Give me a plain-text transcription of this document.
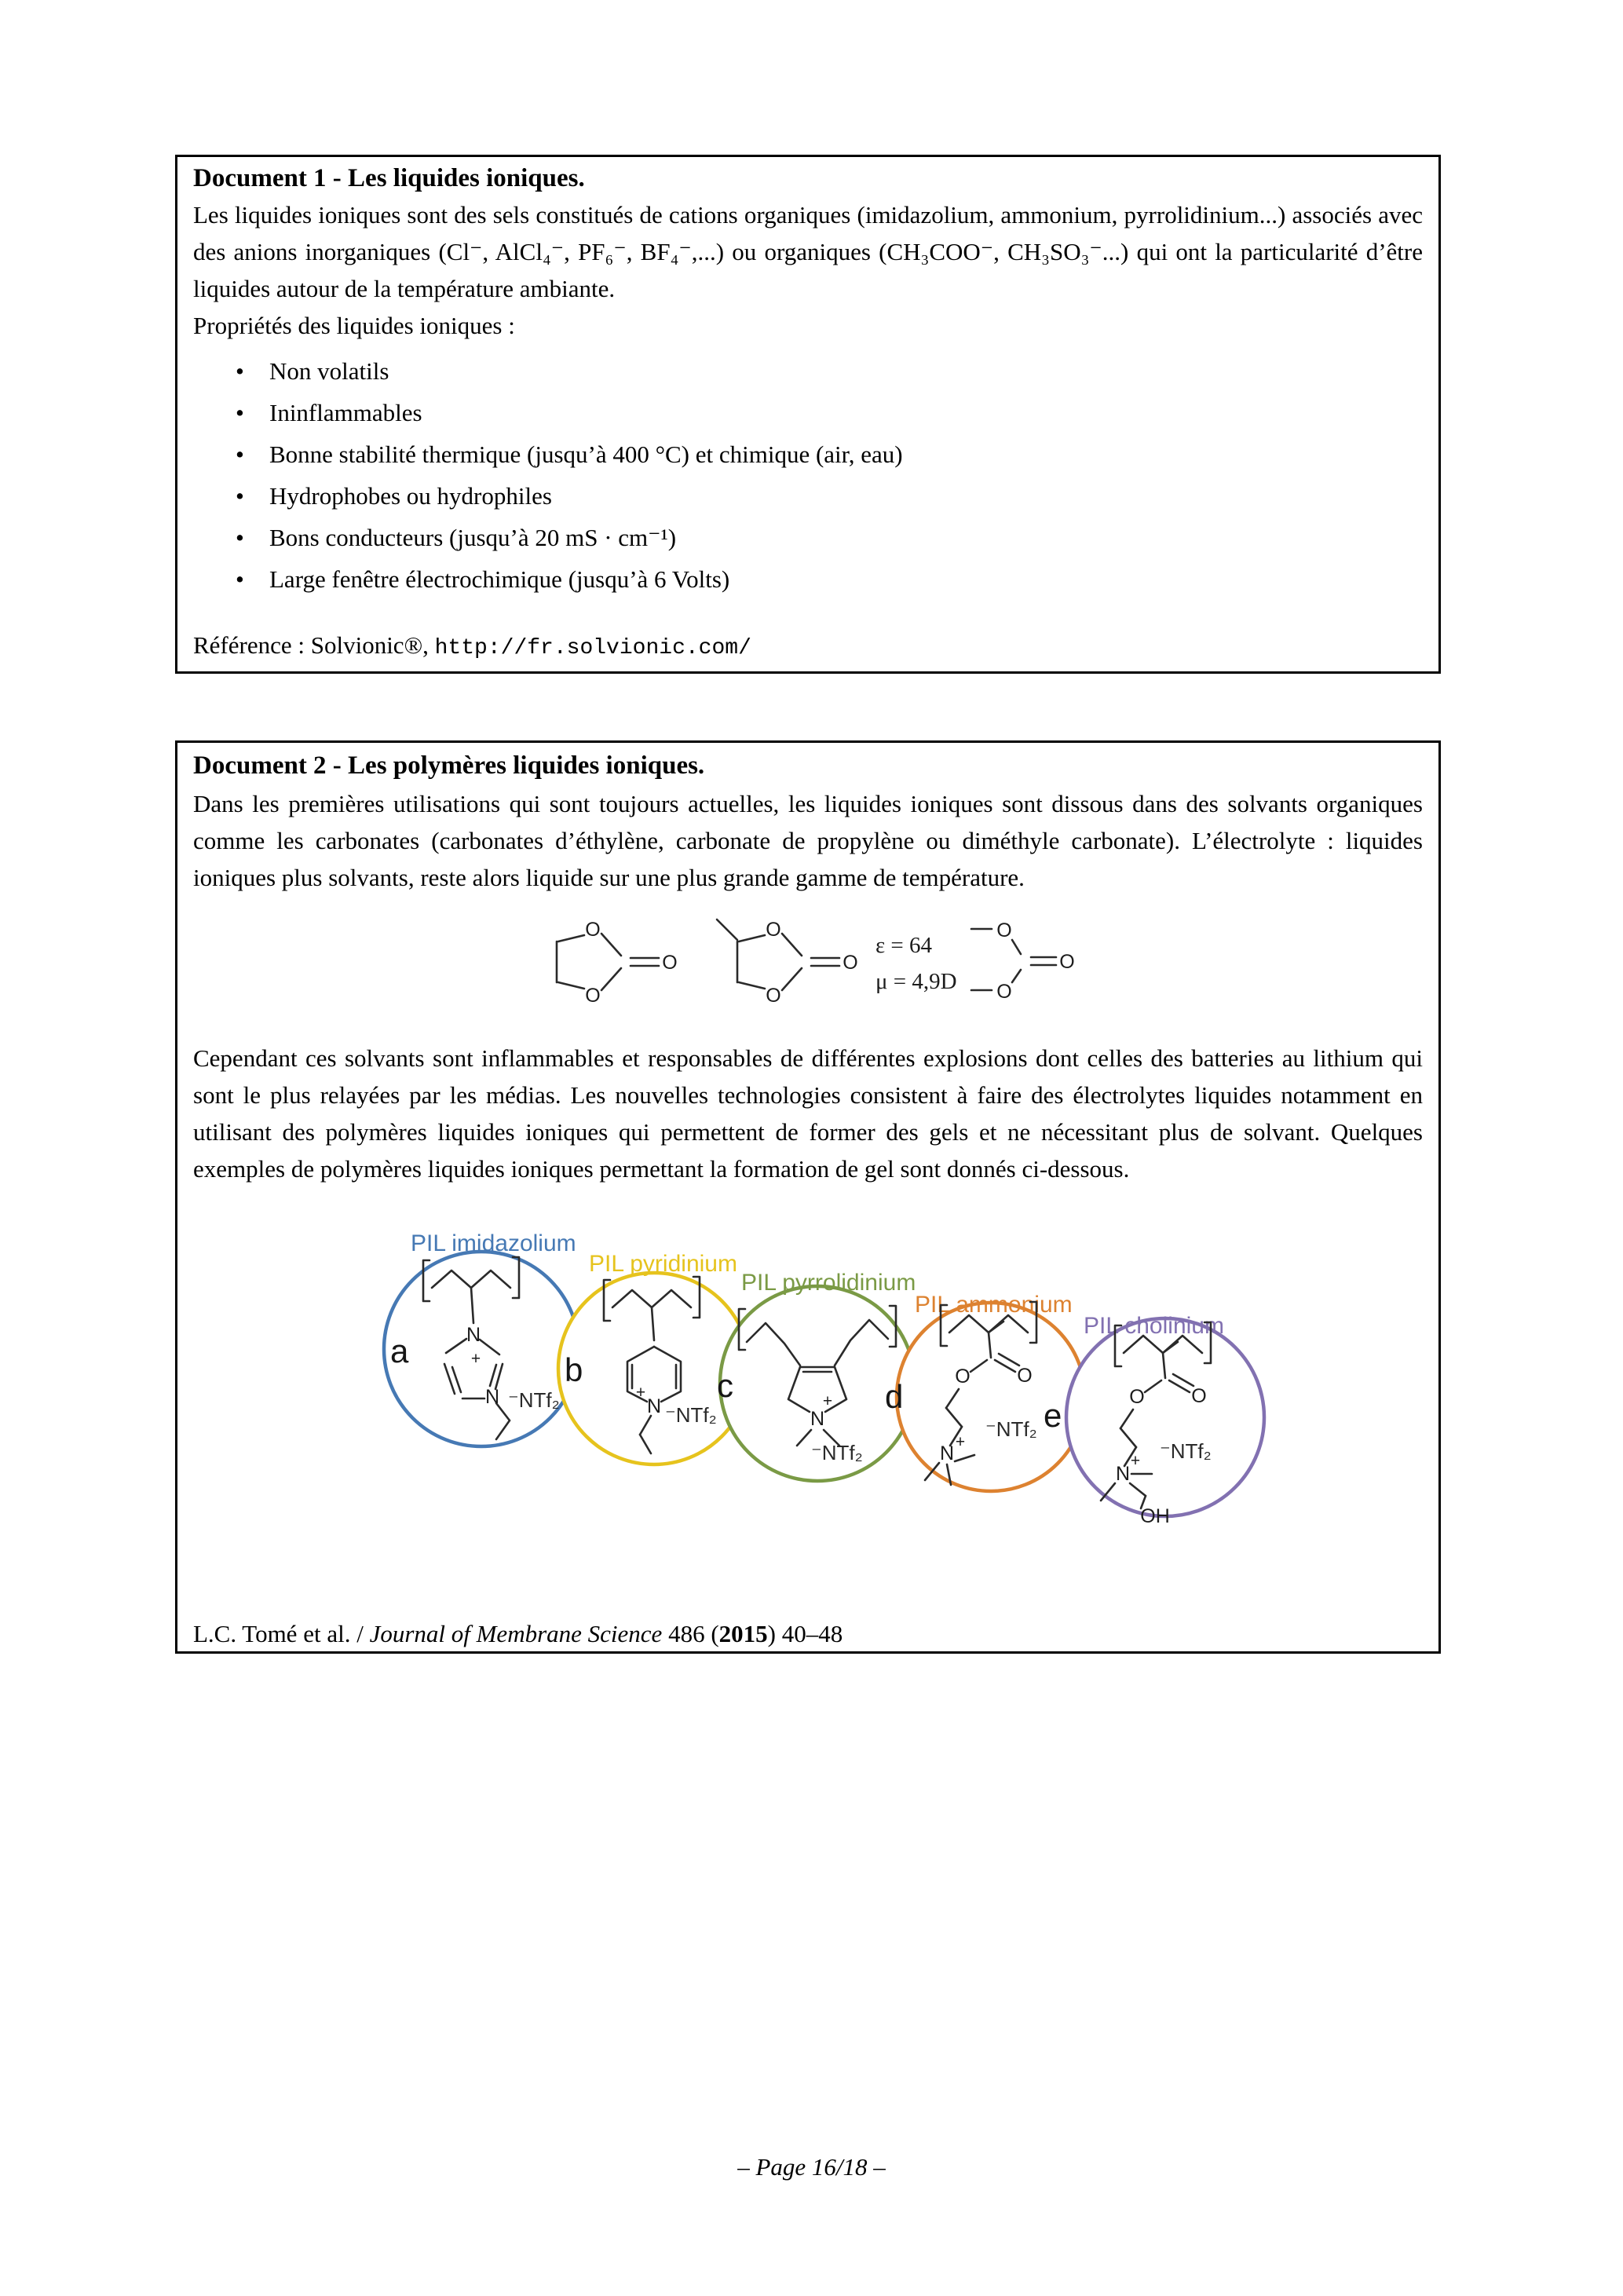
Document 1 - Les liquides ioniques.

Les liquides ioniques sont des sels constitués de cations organiques (imidazolium, ammonium, pyrrolidinium...) associés avec des anions inorganiques (Cl⁻, AlCl₄⁻, PF₆⁻, BF₄⁻,...) ou organiques (CH₃COO⁻, CH₃SO₃⁻...) qui ont la particularité d’être liquides autour de la température ambiante.

Propriétés des liquides ioniques :

• Non volatils
• Ininflammables
• Bonne stabilité thermique (jusqu’à 400 °C) et chimique (air, eau)
• Hydrophobes ou hydrophiles
• Bons conducteurs (jusqu’à 20 mS · cm⁻¹)
• Large fenêtre électrochimique (jusqu’à 6 Volts)

Référence : Solvionic®, http://fr.solvionic.com/

Document 2 - Les polymères liquides ioniques.

Dans les premières utilisations qui sont toujours actuelles, les liquides ioniques sont dissous dans des solvants organiques comme les carbonates (carbonates d’éthylène, carbonate de propylène ou diméthyle carbonate). L’électrolyte : liquides ioniques plus solvants, reste alors liquide sur une plus grande gamme de température.

O
O
O
O
O
O
ε = 64
μ = 4,9D
O
O
O

Cependant ces solvants sont inflammables et responsables de différentes explosions dont celles des batteries au lithium qui sont le plus relayées par les médias. Les nouvelles technologies consistent à faire des électrolytes liquides notamment en utilisant des polymères liquides ioniques qui permettent de former des gels et ne nécessitant plus de solvant. Quelques exemples de polymères liquides ioniques permettant la formation de gel sont donnés ci-dessous.

PIL imidazolium
a	N
N
+
⁻NTf₂
PIL pyridinium
b
N
+
⁻NTf₂
PIL pyrrolidinium
c
N
+
⁻NTf₂
PIL ammonium
d
O
O
N
+
⁻NTf₂
PIL cholinium
e
O
O
N
+
OH
⁻NTf₂

L.C. Tomé et al. / Journal of Membrane Science 486 (2015) 40–48

– Page 16/18 –
